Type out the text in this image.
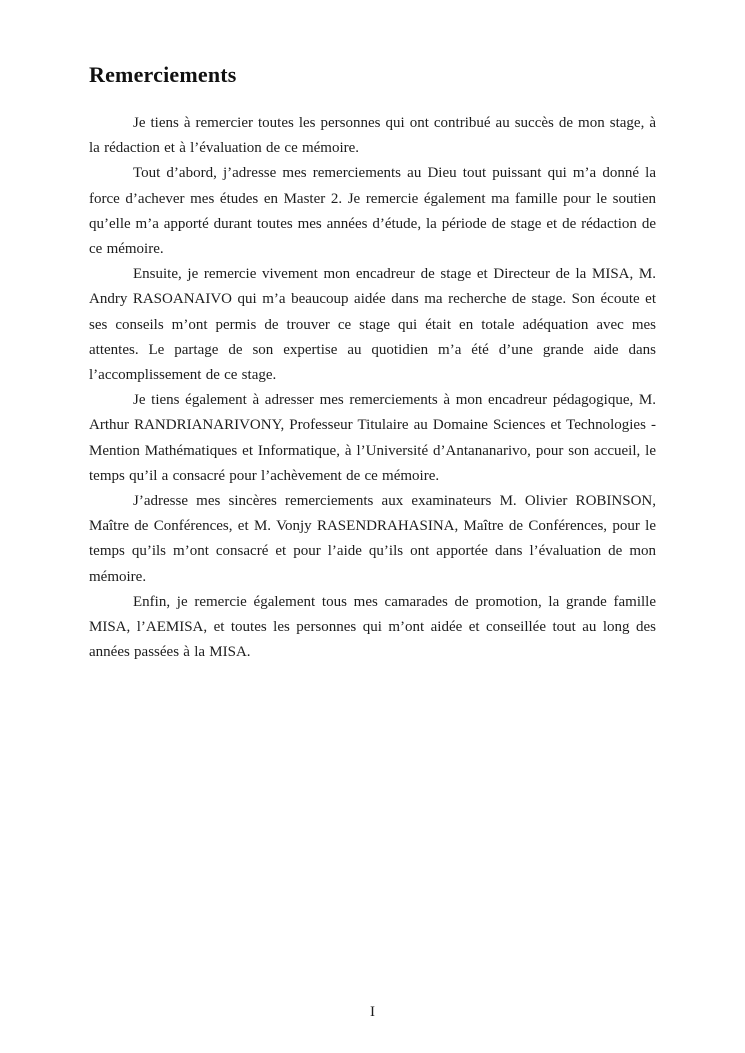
Remerciements

Je tiens à remercier toutes les personnes qui ont contribué au succès de mon stage, à la rédaction et à l’évaluation de ce mémoire.

Tout d’abord, j’adresse mes remerciements au Dieu tout puissant qui m’a donné la force d’achever mes études en Master 2. Je remercie également ma famille pour le soutien qu’elle m’a apporté durant toutes mes années d’étude, la période de stage et de rédaction de ce mémoire.

Ensuite, je remercie vivement mon encadreur de stage et Directeur de la MISA, M. Andry RASOANAIVO qui m’a beaucoup aidée dans ma recherche de stage. Son écoute et ses conseils m’ont permis de trouver ce stage qui était en totale adéquation avec mes attentes. Le partage de son expertise au quotidien m’a été d’une grande aide dans l’accomplissement de ce stage.

Je tiens également à adresser mes remerciements à mon encadreur pédagogique, M. Arthur RANDRIANARIVONY, Professeur Titulaire au Domaine Sciences et Technologies - Mention Mathématiques et Informatique, à l’Université d’Antananarivo, pour son accueil, le temps qu’il a consacré pour l’achèvement de ce mémoire.

J’adresse mes sincères remerciements aux examinateurs M. Olivier ROBINSON, Maître de Conférences, et M. Vonjy RASENDRAHASINA, Maître de Conférences, pour le temps qu’ils m’ont consacré et pour l’aide qu’ils ont apportée dans l’évaluation de mon mémoire.

Enfin, je remercie également tous mes camarades de promotion, la grande famille MISA, l’AEMISA, et toutes les personnes qui m’ont aidée et conseillée tout au long des années passées à la MISA.

I
